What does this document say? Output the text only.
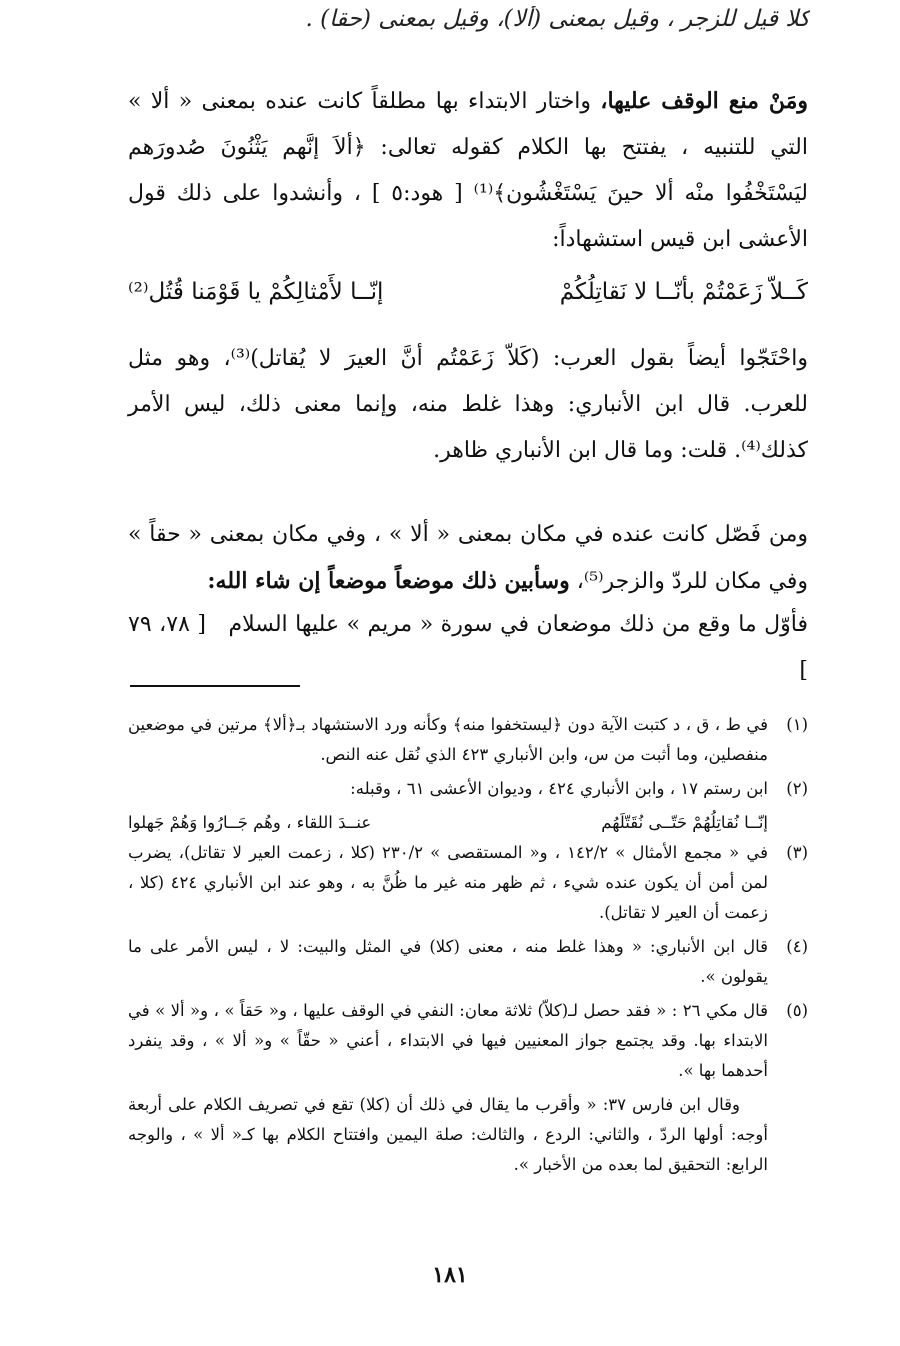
كلا قيل للزجر ، وقيل بمعنى (ألا)، وقيل بمعنى (حقا) .
ومَنْ منع الوقف عليها، واختار الابتداء بها مطلقاً كانت عنده بمعنى « ألا » التي للتنبيه ، يفتتح بها الكلام كقوله تعالى: ﴿ألاَ إنَّهم يَثْنُونَ صُدورَهم ليَسْتَخْفُوا منْه ألا حينَ يَسْتَغْشُون﴾⁽¹⁾ [ هود:٥ ] ، وأنشدوا على ذلك قول الأعشى ابن قيس استشهاداً:
كَــلاّ زَعَمْتُمْ بأنّــا لا نَقاتِلُكُمْ
إنّــا لأَمْثالِكُمْ يا قَوْمَنا قُتُل⁽²⁾
واحْتَجّوا أيضاً بقول العرب: (كَلاّ زَعَمْتُم أنَّ العيرَ لا يُقاتل)⁽³⁾، وهو مثل للعرب. قال ابن الأنباري: وهذا غلط منه، وإنما معنى ذلك، ليس الأمر كذلك⁽⁴⁾. قلت: وما قال ابن الأنباري ظاهر.
ومن فَصّل كانت عنده في مكان بمعنى « ألا » ، وفي مكان بمعنى « حقاً » وفي مكان للردّ والزجر⁽⁵⁾، وسأبين ذلك موضعاً موضعاً إن شاء الله:
فأوّل ما وقع من ذلك موضعان في سورة « مريم » عليها السلام   [ ٧٨، ٧٩ ]
(١)
في ط ، ق ، د كتبت الآية دون ﴿ليستخفوا منه﴾ وكأنه ورد الاستشهاد بـ﴿ألا﴾ مرتين في موضعين منفصلين، وما أثبت من س، وابن الأنباري ٤٢٣ الذي نُقل عنه النص.
(٢)
ابن رستم ١٧ ، وابن الأنباري ٤٢٤ ، وديوان الأعشى ٦١ ، وقبله:
إنّــا نُقاتِلُهُمْ حَتّــى نُقَتّلَهُم
عنــدَ اللقاء ، وهُم جَــارُوا وَهُمْ جَهلوا
(٣)
في « مجمع الأمثال » ١٤٢/٢ ، و« المستقصى » ٢٣٠/٢ (كلا ، زعمت العير لا تقاتل)، يضرب لمن أمن أن يكون عنده شيء ، ثم ظهر منه غير ما ظُنَّ به ، وهو عند ابن الأنباري ٤٢٤ (كلا ، زعمت أن العير لا تقاتل).
(٤)
قال ابن الأنباري: « وهذا غلط منه ، معنى (كلا) في المثل والبيت: لا ، ليس الأمر على ما يقولون ».
(٥)
قال مكي ٢٦ : « فقد حصل لـ(كلاّ) ثلاثة معان: النفي في الوقف عليها ، و« حَقاً » ، و« ألا » في الابتداء بها. وقد يجتمع جواز المعنيين فيها في الابتداء ، أعني « حقّاً » و« ألا » ، وقد ينفرد أحدهما بها ».
وقال ابن فارس ٣٧: « وأقرب ما يقال في ذلك أن (كلا) تقع في تصريف الكلام على أربعة أوجه: أولها الردّ ، والثاني: الردع ، والثالث: صلة اليمين وافتتاح الكلام بها كـ« ألا » ، والوجه الرابع: التحقيق لما بعده من الأخبار ».
١٨١
